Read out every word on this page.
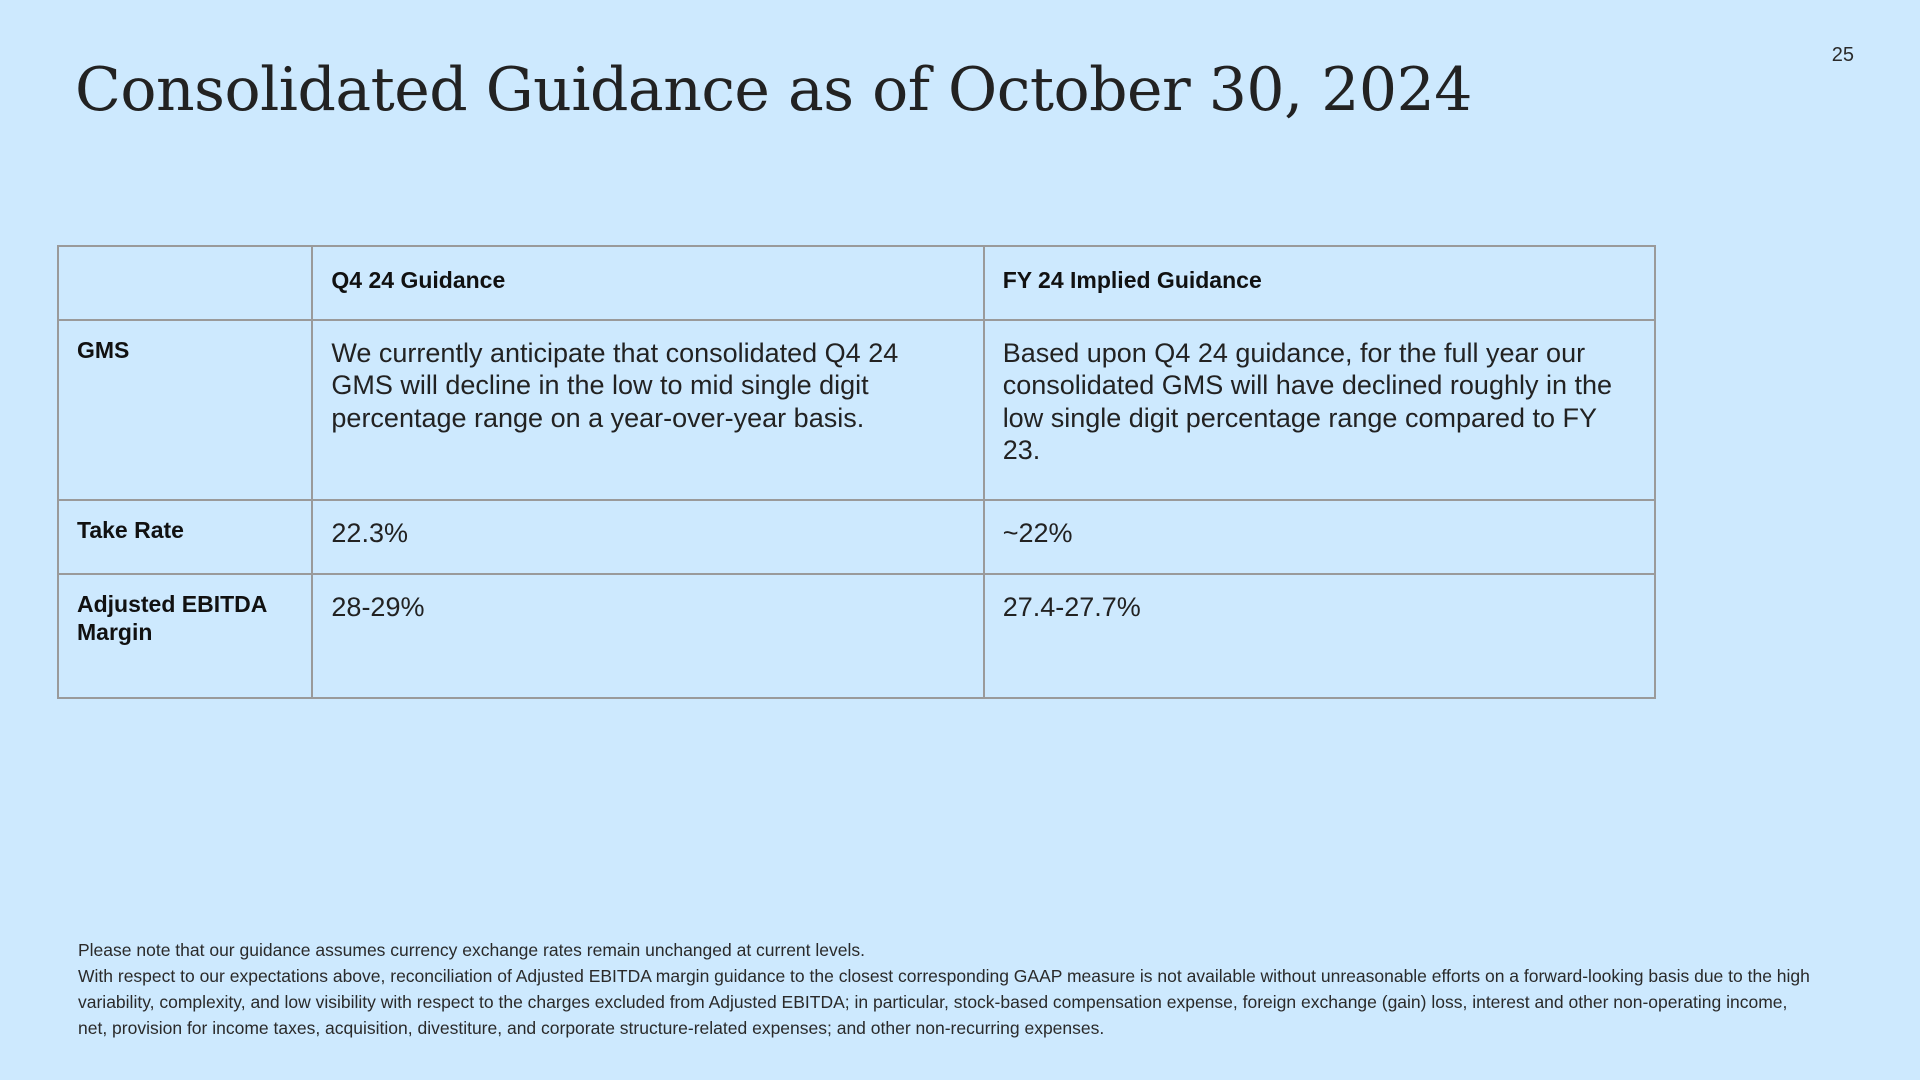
25
Consolidated Guidance as of October 30, 2024

	Q4 24 Guidance	FY 24 Implied Guidance

GMS	We currently anticipate that consolidated Q4 24 GMS will decline in the low to mid single digit percentage range on a year-over-year basis.	Based upon Q4 24 guidance, for the full year our consolidated GMS will have declined roughly in the low single digit percentage range compared to FY 23.

Take Rate	22.3%	~22%

Adjusted EBITDA Margin	28-29%	27.4-27.7%

Please note that our guidance assumes currency exchange rates remain unchanged at current levels.

With respect to our expectations above, reconciliation of Adjusted EBITDA margin guidance to the closest corresponding GAAP measure is not available without unreasonable efforts on a forward-looking basis due to the high variability, complexity, and low visibility with respect to the charges excluded from Adjusted EBITDA; in particular, stock-based compensation expense, foreign exchange (gain) loss, interest and other non-operating income, net, provision for income taxes, acquisition, divestiture, and corporate structure-related expenses; and other non-recurring expenses.
